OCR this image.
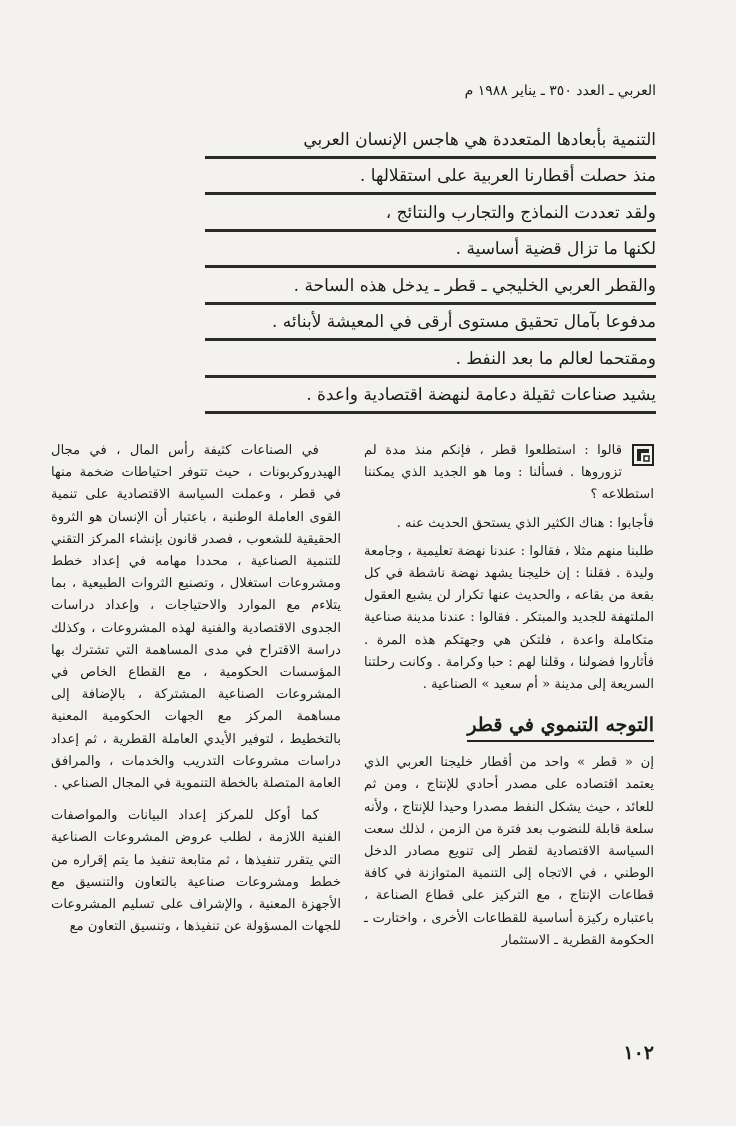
العربي ـ العدد ٣٥٠ ـ يناير ١٩٨٨ م
التنمية بأبعادها المتعددة هي هاجس الإنسان العربي
منذ حصلت أقطارنا العربية على استقلالها .
ولقد تعددت النماذج والتجارب والنتائج ،
لكنها ما تزال قضية أساسية .
والقطر العربي الخليجي ـ قطر ـ يدخل هذه الساحة .
مدفوعا بآمال تحقيق مستوى أرقى في المعيشة لأبنائه .
ومقتحما لعالم ما بعد النفط .
يشيد صناعات ثقيلة دعامة لنهضة اقتصادية واعدة .

قالوا : استطلعوا قطر ، فإنكم منذ مدة لم تزوروها . فسألنا : وما هو الجديد الذي يمكننا استطلاعه ؟

فأجابوا : هناك الكثير الذي يستحق الحديث عنه .

طلبنا منهم مثلا ، فقالوا : عندنا نهضة تعليمية ، وجامعة وليدة . فقلنا : إن خليجنا يشهد نهضة ناشطة في كل بقعة من بقاعه ، والحديث عنها تكرار لن يشبع العقول الملتهفة للجديد والمبتكر . فقالوا : عندنا مدينة صناعية متكاملة واعدة ، فلتكن هي وجهتكم هذه المرة . فأثاروا فضولنا ، وقلنا لهم : حبا وكرامة . وكانت رحلتنا السريعة إلى مدينة « أم سعيد » الصناعية .

التوجه التنموي في قطر

إن « قطر » واحد من أقطار خليجنا العربي الذي يعتمد اقتصاده على مصدر أحادي للإنتاج ، ومن ثم للعائد ، حيث يشكل النفط مصدرا وحيدا للإنتاج ، ولأنه سلعة قابلة للنضوب بعد فترة من الزمن ، لذلك سعت السياسة الاقتصادية لقطر إلى تنويع مصادر الدخل الوطني ، في الاتجاه إلى التنمية المتوازنة في كافة قطاعات الإنتاج ، مع التركيز على قطاع الصناعة ، باعتباره ركيزة أساسية للقطاعات الأخرى ، واختارت ـ الحكومة القطرية ـ الاستثمار

في الصناعات كثيفة رأس المال ، في مجال الهيدروكربونات ، حيث تتوفر احتياطات ضخمة منها في قطر ، وعملت السياسة الاقتصادية على تنمية القوى العاملة الوطنية ، باعتبار أن الإنسان هو الثروة الحقيقية للشعوب ، فصدر قانون بإنشاء المركز التقني للتنمية الصناعية ، محددا مهامه في إعداد خطط ومشروعات استغلال ، وتصنيع الثروات الطبيعية ، بما يتلاءم مع الموارد والاحتياجات ، وإعداد دراسات الجدوى الاقتصادية والفنية لهذه المشروعات ، وكذلك دراسة الاقتراح في مدى المساهمة التي تشترك بها المؤسسات الحكومية ، مع القطاع الخاص في المشروعات الصناعية المشتركة ، بالإضافة إلى مساهمة المركز مع الجهات الحكومية المعنية بالتخطيط ، لتوفير الأيدي العاملة القطرية ، ثم إعداد دراسات مشروعات التدريب والخدمات ، والمرافق العامة المتصلة بالخطة التنموية في المجال الصناعي .

كما أوكل للمركز إعداد البيانات والمواصفات الفنية اللازمة ، لطلب عروض المشروعات الصناعية التي يتقرر تنفيذها ، ثم متابعة تنفيذ ما يتم إقراره من خطط ومشروعات صناعية بالتعاون والتنسيق مع الأجهزة المعنية ، والإشراف على تسليم المشروعات للجهات المسؤولة عن تنفيذها ، وتنسيق التعاون مع

١٠٢
